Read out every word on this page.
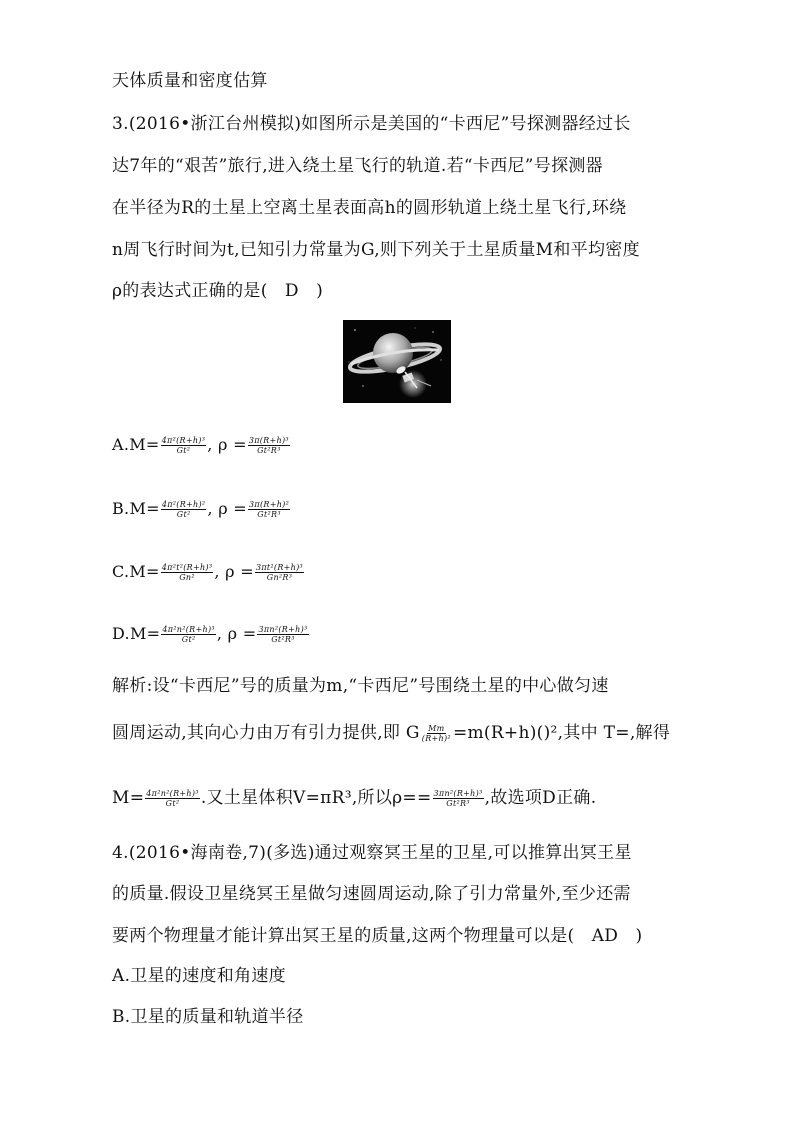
天体质量和密度估算
3.(2016•浙江台州模拟)如图所示是美国的“卡西尼”号探测器经过长
达7年的“艰苦”旅行,进入绕土星飞行的轨道.若“卡西尼”号探测器
在半径为R的土星上空离土星表面高h的圆形轨道上绕土星飞行,环绕
n周飞行时间为t,已知引力常量为G,则下列关于土星质量M和平均密度
ρ的表达式正确的是(　D　)
$A.M= \frac{\text{4π²(R+h)³}}{\text{Gt²}}$ , $\rho = \frac{\text{3π(R+h)³}}{\text{Gt²R³}}$
$B.M= \frac{\text{4π²(R+h)²}}{\text{Gt²}}$ , $\rho = \frac{\text{3π(R+h)²}}{\text{Gt²R³}}$
$C.M= \frac{\text{4π²t²(R+h)³}}{\text{Gn²}}$ , $\rho = \frac{\text{3πt²(R+h)³}}{\text{Gn²R³}}$
$D.M= \frac{\text{4π²n²(R+h)³}}{\text{Gt²}}$ , $\rho = \frac{\text{3πn²(R+h)³}}{\text{Gt²R³}}$
解析:设“卡西尼”号的质量为m,“卡西尼”号围绕土星的中心做匀速
圆周运动,其向心力由万有引力提供,即 G $\frac{Mm}{\text{(R+h)²}} =m(R+h)()^2$,其中 T=,解得
$M= \frac{\text{4π²n²(R+h)³}}{\text{Gt²}}$ .又土星体积V=πR³,所以$\rho== \frac{\text{3πn²(R+h)³}}{\text{Gt²R³}}$ ,故选项D正确.
4.(2016•海南卷,7)(多选)通过观察冥王星的卫星,可以推算出冥王星
的质量.假设卫星绕冥王星做匀速圆周运动,除了引力常量外,至少还需
要两个物理量才能计算出冥王星的质量,这两个物理量可以是(　AD　)
A.卫星的速度和角速度
B.卫星的质量和轨道半径
